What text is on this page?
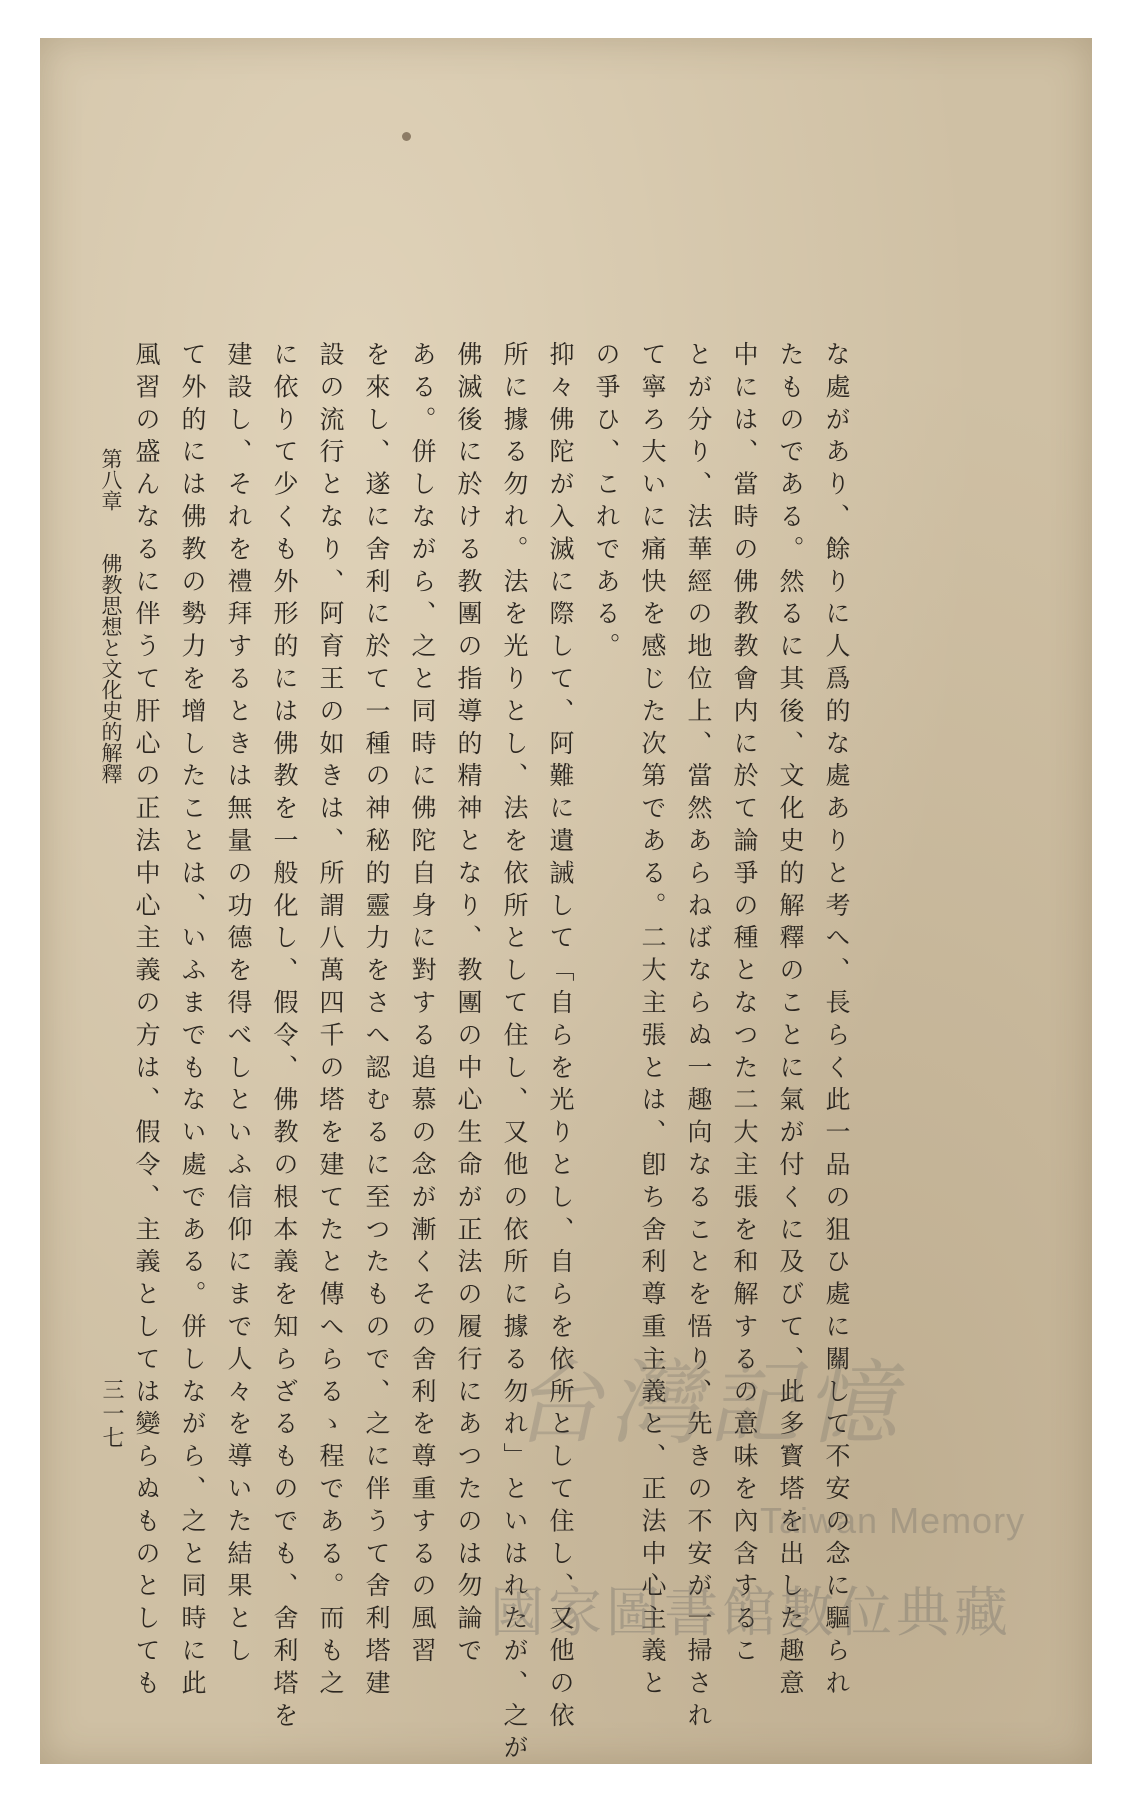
な處があり、餘りに人爲的な處ありと考へ、長らく此一品の狙ひ處に關して不安の念に驅られ
たものである。然るに其後、文化史的解釋のことに氣が付くに及びて、此多寳塔を出した趣意
中には、當時の佛教教會内に於て論爭の種となつた二大主張を和解するの意味を內含するこ
とが分り、法華經の地位上、當然あらねばならぬ一趣向なることを悟り、先きの不安が一掃され
て寧ろ大いに痛快を感じた次第である。二大主張とは、卽ち舍利尊重主義と、正法中心主義と
の爭ひ、これである。
抑々佛陀が入滅に際して、阿難に遺誡して「自らを光りとし、自らを依所として住し、又他の依
所に據る勿れ。法を光りとし、法を依所として住し、又他の依所に據る勿れ」といはれたが、之が
佛滅後に於ける教團の指導的精神となり、教團の中心生命が正法の履行にあつたのは勿論で
ある。併しながら、之と同時に佛陀自身に對する追慕の念が漸くその舍利を尊重するの風習
を來し、遂に舍利に於て一種の神秘的靈力をさへ認むるに至つたもので、之に伴うて舍利塔建
設の流行となり、阿育王の如きは、所謂八萬四千の塔を建てたと傳へらるゝ程である。而も之
に依りて少くも外形的には佛教を一般化し、假令、佛教の根本義を知らざるものでも、舍利塔を
建設し、それを禮拜するときは無量の功德を得べしといふ信仰にまで人々を導いた結果とし
て外的には佛教の勢力を增したことは、いふまでもない處である。併しながら、之と同時に此
風習の盛んなるに伴うて肝心の正法中心主義の方は、假令、主義としては變らぬものとしても
第八章佛教思想と文化史的解釋
三一七	台灣記憶
Taiwan Memory
國家圖書館數位典藏
